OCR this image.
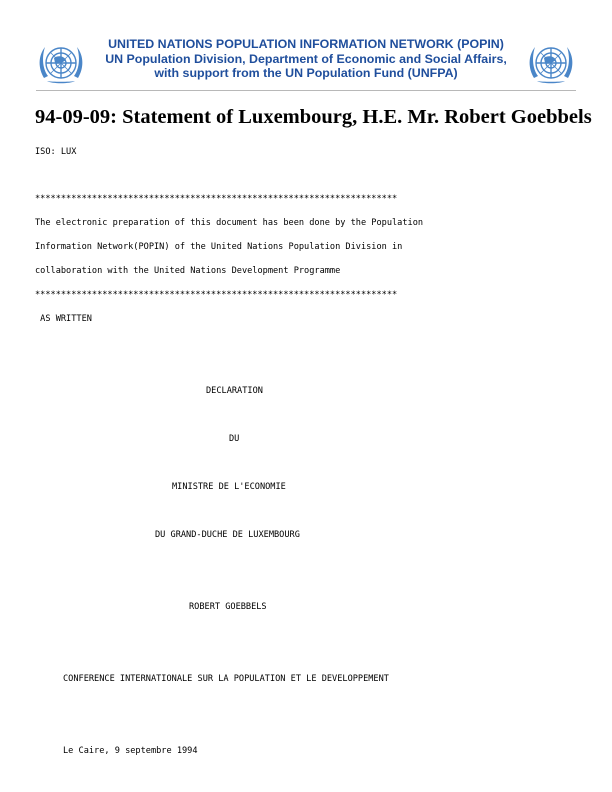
UNITED NATIONS POPULATION INFORMATION NETWORK (POPIN)
UN Population Division, Department of Economic and Social Affairs,
with support from the UN Population Fund (UNFPA)
94-09-09: Statement of Luxembourg, H.E. Mr. Robert Goebbels
ISO: LUX
**********************************************************************
The electronic preparation of this document has been done by the Population
Information Network(POPIN) of the United Nations Population Division in
collaboration with the United Nations Development Programme
**********************************************************************
AS WRITTEN
DECLARATION
DU
MINISTRE DE L'ECONOMIE
DU GRAND-DUCHE DE LUXEMBOURG
ROBERT GOEBBELS
CONFERENCE INTERNATIONALE SUR LA POPULATION ET LE DEVELOPPEMENT
Le Caire, 9 septembre 1994
